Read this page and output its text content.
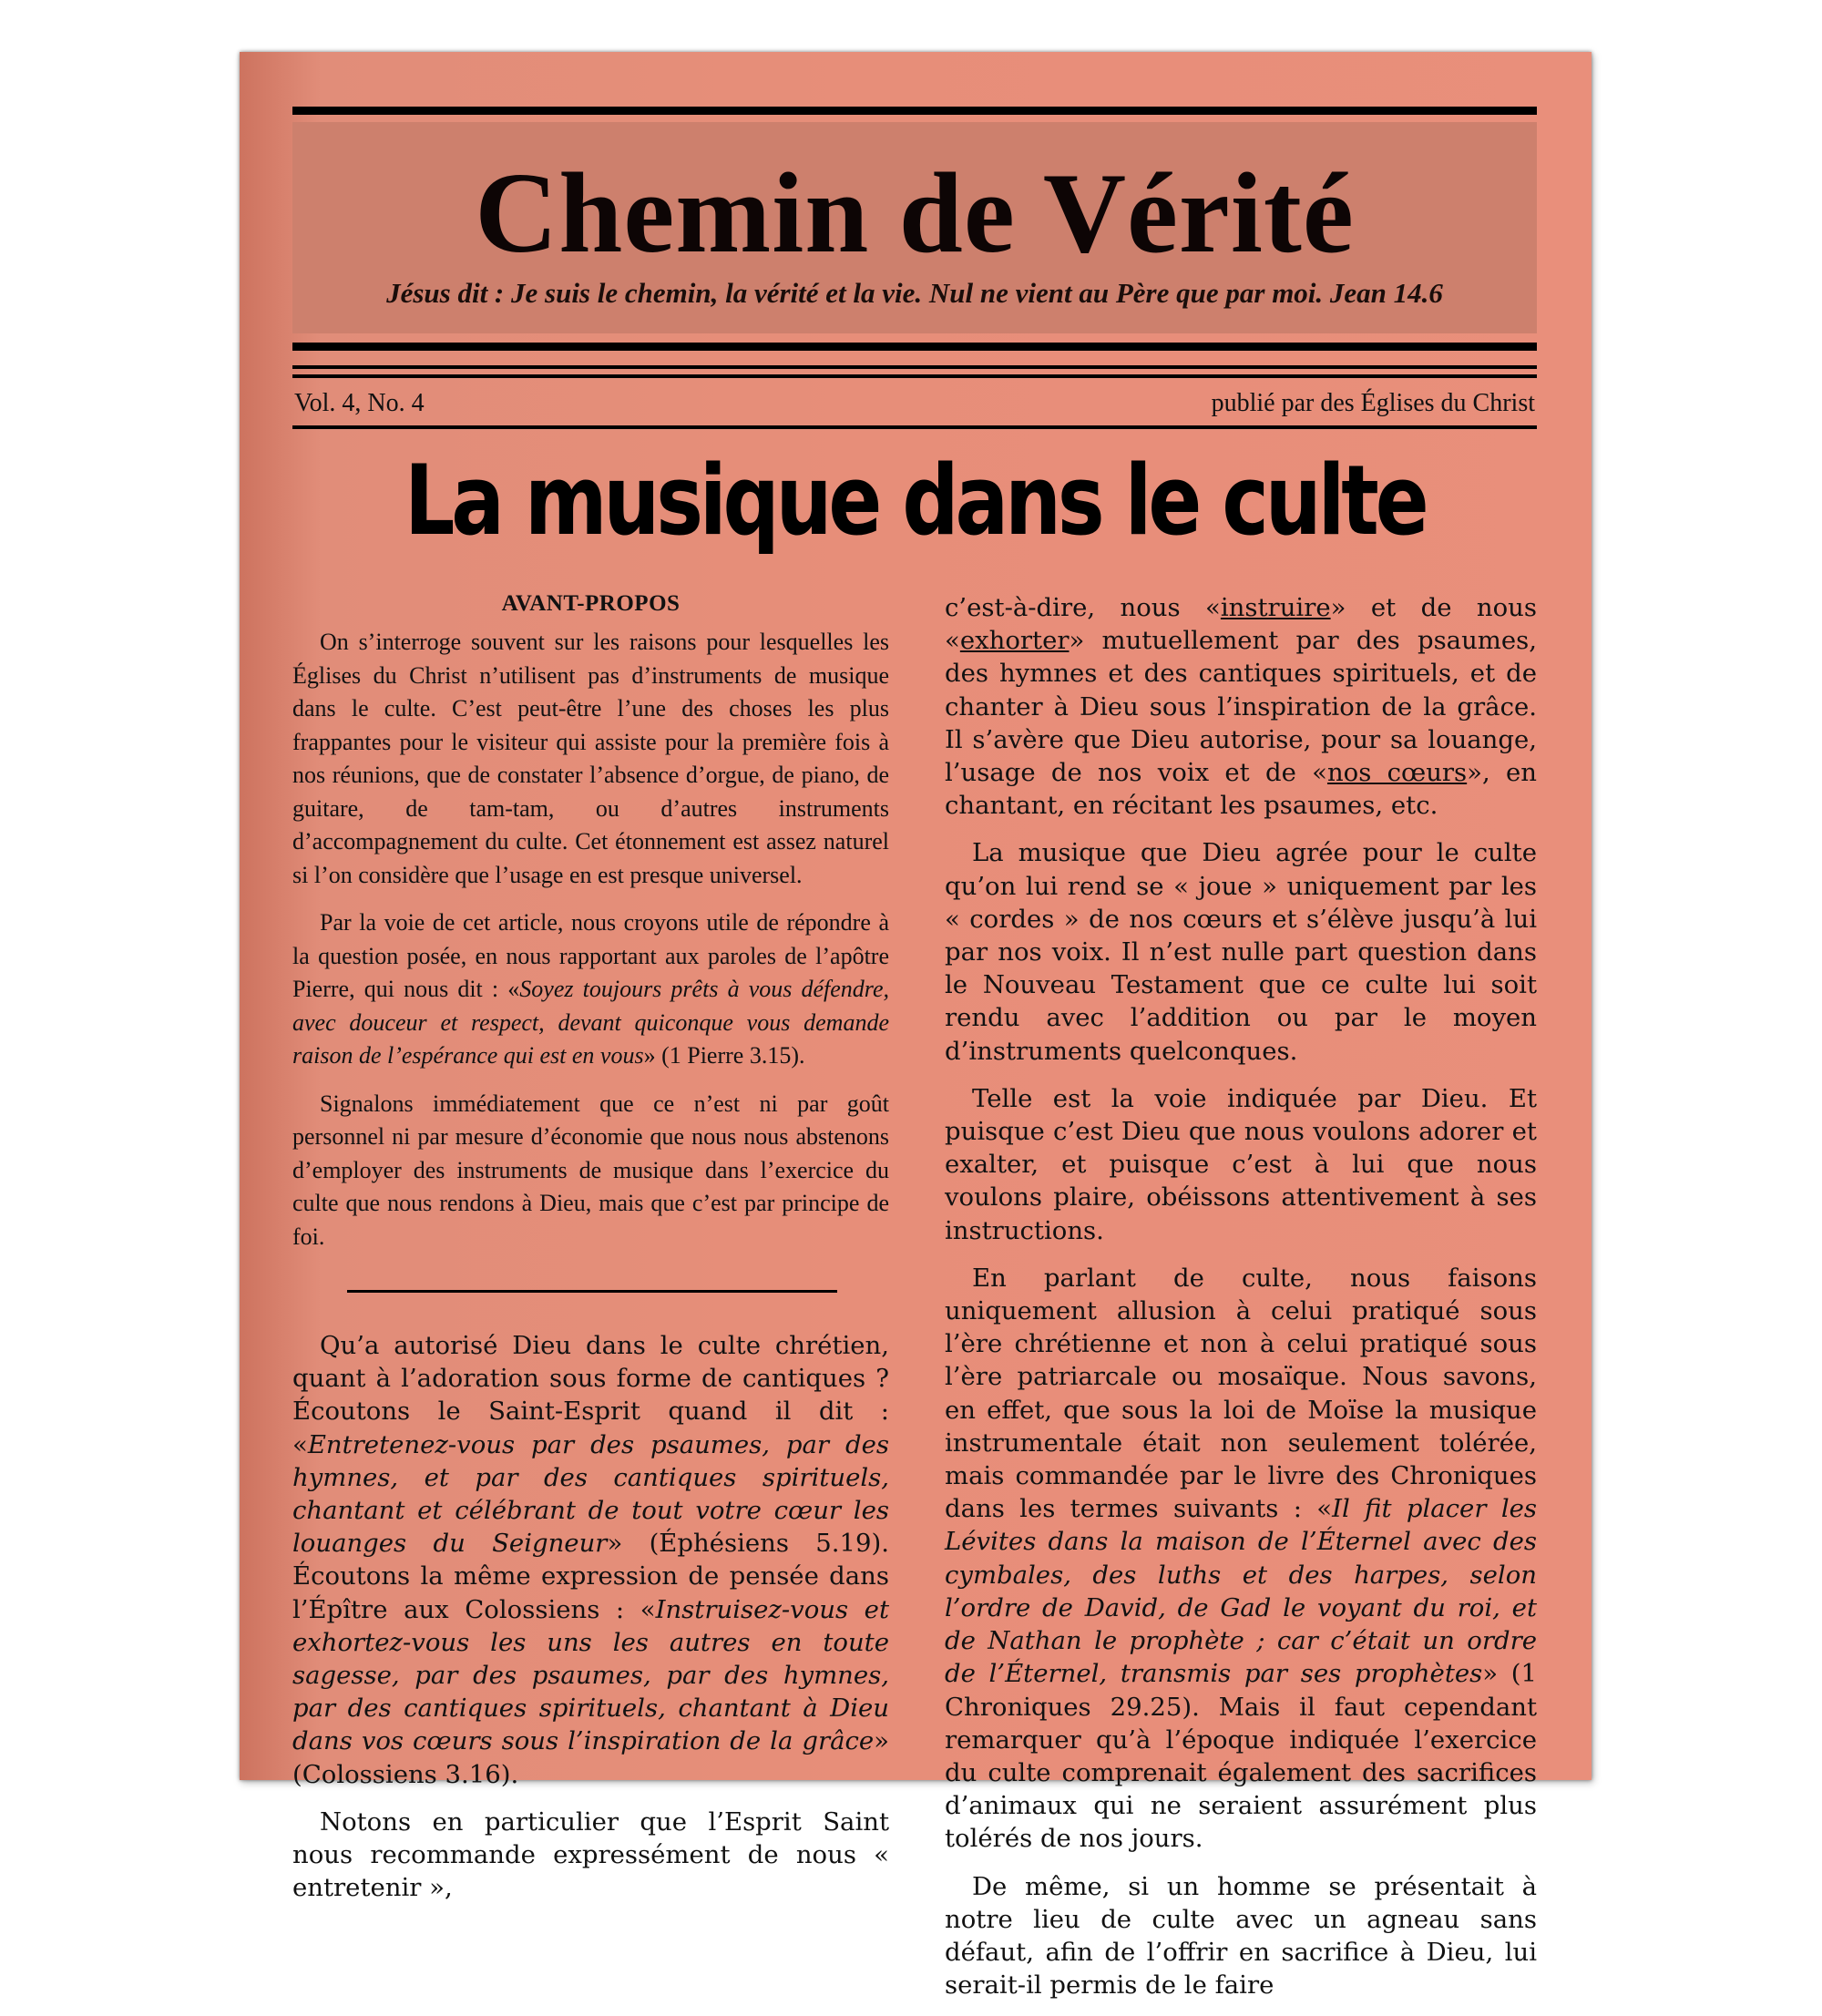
Chemin de Vérité
Jésus dit : Je suis le chemin, la vérité et la vie. Nul ne vient au Père que par moi. Jean 14.6
Vol. 4, No. 4	publié par des Églises du Christ
La musique dans le culte
AVANT-PROPOS

On s’interroge souvent sur les raisons pour lesquelles les Églises du Christ n’utilisent pas d’instruments de musique dans le culte. C’est peut-être l’une des choses les plus frappantes pour le visiteur qui assiste pour la première fois à nos réunions, que de constater l’absence d’orgue, de piano, de guitare, de tam-tam, ou d’autres instruments d’accompagnement du culte. Cet étonnement est assez naturel si l’on considère que l’usage en est presque universel.

Par la voie de cet article, nous croyons utile de répondre à la question posée, en nous rapportant aux paroles de l’apôtre Pierre, qui nous dit : «Soyez toujours prêts à vous défendre, avec douceur et respect, devant quiconque vous demande raison de l’espérance qui est en vous» (1 Pierre 3.15).

Signalons immédiatement que ce n’est ni par goût personnel ni par mesure d’économie que nous nous abstenons d’employer des instruments de musique dans l’exercice du culte que nous rendons à Dieu, mais que c’est par principe de foi.

Qu’a autorisé Dieu dans le culte chrétien, quant à l’adoration sous forme de cantiques ? Écoutons le Saint-Esprit quand il dit : «Entretenez-vous par des psaumes, par des hymnes, et par des cantiques spirituels, chantant et célébrant de tout votre cœur les louanges du Seigneur» (Éphésiens 5.19). Écoutons la même expression de pensée dans l’Épître aux Colossiens : «Instruisez-vous et exhortez-vous les uns les autres en toute sagesse, par des psaumes, par des hymnes, par des cantiques spirituels, chantant à Dieu dans vos cœurs sous l’inspiration de la grâce» (Colossiens 3.16).

Notons en particulier que l’Esprit Saint nous recommande expressément de nous « entretenir »,

c’est-à-dire, nous «instruire» et de nous «exhorter» mutuellement par des psaumes, des hymnes et des cantiques spirituels, et de chanter à Dieu sous l’inspiration de la grâce. Il s’avère que Dieu autorise, pour sa louange, l’usage de nos voix et de «nos cœurs», en chantant, en récitant les psaumes, etc.

La musique que Dieu agrée pour le culte qu’on lui rend se « joue » uniquement par les « cordes » de nos cœurs et s’élève jusqu’à lui par nos voix. Il n’est nulle part question dans le Nouveau Testament que ce culte lui soit rendu avec l’addition ou par le moyen d’instruments quelconques.

Telle est la voie indiquée par Dieu. Et puisque c’est Dieu que nous voulons adorer et exalter, et puisque c’est à lui que nous voulons plaire, obéissons attentivement à ses instructions.

En parlant de culte, nous faisons uniquement allusion à celui pratiqué sous l’ère chrétienne et non à celui pratiqué sous l’ère patriarcale ou mosaïque. Nous savons, en effet, que sous la loi de Moïse la musique instrumentale était non seulement tolérée, mais commandée par le livre des Chroniques dans les termes suivants : «Il fit placer les Lévites dans la maison de l’Éternel avec des cymbales, des luths et des harpes, selon l’ordre de David, de Gad le voyant du roi, et de Nathan le prophète ; car c’était un ordre de l’Éternel, transmis par ses prophètes» (1 Chroniques 29.25). Mais il faut cependant remarquer qu’à l’époque indiquée l’exercice du culte comprenait également des sacrifices d’animaux qui ne seraient assurément plus tolérés de nos jours.

De même, si un homme se présentait à notre lieu de culte avec un agneau sans défaut, afin de l’offrir en sacrifice à Dieu, lui serait-il permis de le faire
